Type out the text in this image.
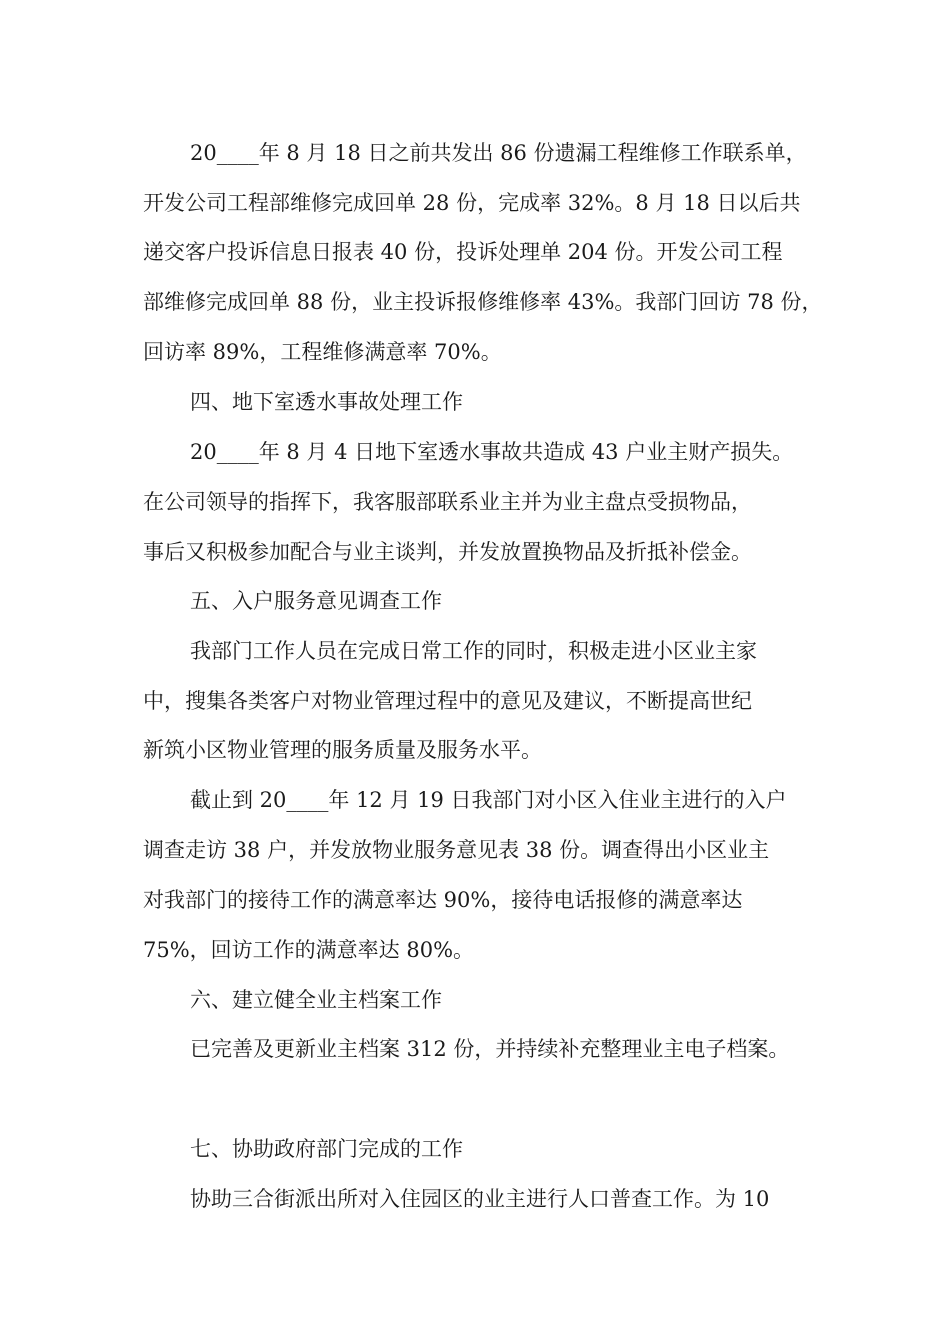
20____年 8 月 18 日之前共发出 86 份遗漏工程维修工作联系单，
开发公司工程部维修完成回单 28 份，完成率 32%。8 月 18 日以后共
递交客户投诉信息日报表 40 份，投诉处理单 204 份。开发公司工程
部维修完成回单 88 份，业主投诉报修维修率 43%。我部门回访 78 份，
回访率 89%，工程维修满意率 70%。
四、地下室透水事故处理工作
20____年 8 月 4 日地下室透水事故共造成 43 户业主财产损失。
在公司领导的指挥下，我客服部联系业主并为业主盘点受损物品，
事后又积极参加配合与业主谈判，并发放置换物品及折抵补偿金。
五、入户服务意见调查工作
我部门工作人员在完成日常工作的同时，积极走进小区业主家
中，搜集各类客户对物业管理过程中的意见及建议，不断提高世纪
新筑小区物业管理的服务质量及服务水平。
截止到 20____年 12 月 19 日我部门对小区入住业主进行的入户
调查走访 38 户，并发放物业服务意见表 38 份。调查得出小区业主
对我部门的接待工作的满意率达 90%，接待电话报修的满意率达
75%，回访工作的满意率达 80%。
六、建立健全业主档案工作
已完善及更新业主档案 312 份，并持续补充整理业主电子档案。
七、协助政府部门完成的工作
协助三合街派出所对入住园区的业主进行人口普查工作。为 10
